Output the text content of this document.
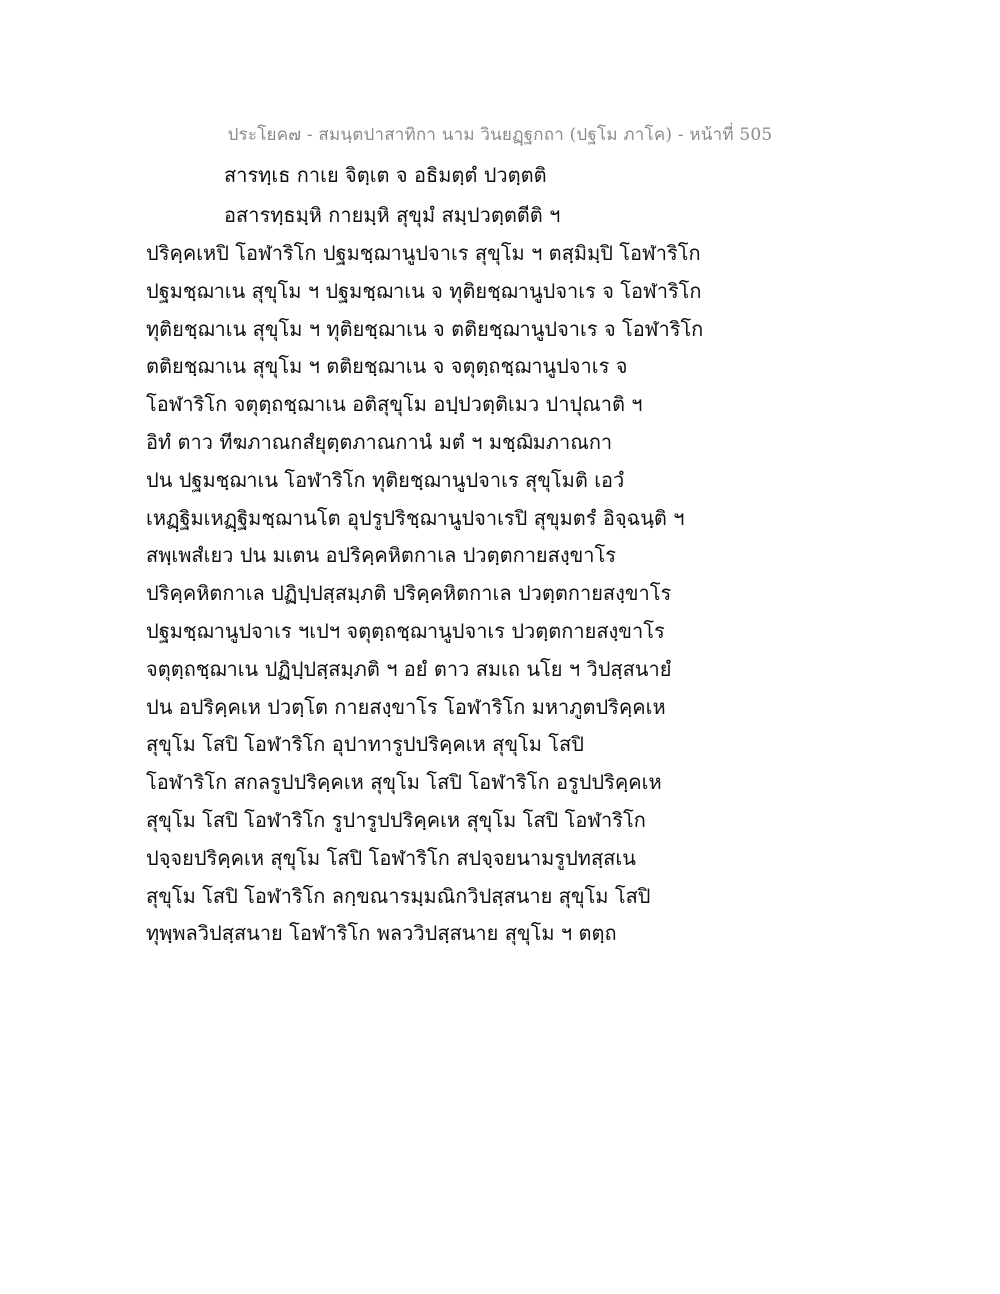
ประโยค๗ - สมนฺตปาสาทิกา นาม วินยฏฺฐกถา (ปฐโม ภาโค) - หน้าที่ 505
สารทฺเธ กาเย จิตฺเต จ อธิมตฺตํ ปวตฺตติ
อสารทฺธมฺหิ กายมฺหิ สุขุมํ สมฺปวตฺตตีติ ฯ
ปริคฺคเหปิ โอฬาริโก ปฐมชฺฌานูปจาเร สุขุโม ฯ ตสฺมิมฺปิ โอฬาริโก
ปฐมชฺฌาเน สุขุโม ฯ ปฐมชฺฌาเน จ ทุติยชฺฌานูปจาเร จ โอฬาริโก
ทุติยชฺฌาเน สุขุโม ฯ ทุติยชฺฌาเน จ ตติยชฺฌานูปจาเร จ โอฬาริโก
ตติยชฺฌาเน สุขุโม ฯ ตติยชฺฌาเน จ จตุตฺถชฺฌานูปจาเร จ
โอฬาริโก จตุตฺถชฺฌาเน อติสุขุโม อปฺปวตฺติเมว ปาปุณาติ ฯ
อิทํ ตาว ทีฆภาณกสํยุตฺตภาณกานํ มตํ ฯ มชฺฌิมภาณกา
ปน ปฐมชฺฌาเน โอฬาริโก ทุติยชฺฌานูปจาเร สุขุโมติ เอวํ
เหฏฺฐิมเหฏฺฐิมชฺฌานโต อุปรูปริชฺฌานูปจาเรปิ สุขุมตรํ อิจฺฉนฺติ ฯ
สพฺเพสํเยว ปน มเตน อปริคฺคหิตกาเล ปวตฺตกายสงฺขาโร
ปริคฺคหิตกาเล ปฏิปฺปสฺสมฺภติ ปริคฺคหิตกาเล ปวตฺตกายสงฺขาโร
ปฐมชฺฌานูปจาเร ฯเปฯ จตุตฺถชฺฌานูปจาเร ปวตฺตกายสงฺขาโร
จตุตฺถชฺฌาเน ปฏิปฺปสฺสมฺภติ ฯ อยํ ตาว สมเถ นโย ฯ วิปสฺสนายํ
ปน อปริคฺคเห ปวตฺโต กายสงฺขาโร โอฬาริโก มหาภูตปริคฺคเห
สุขุโม โสปิ โอฬาริโก อุปาทารูปปริคฺคเห สุขุโม โสปิ
โอฬาริโก สกลรูปปริคฺคเห สุขุโม โสปิ โอฬาริโก อรูปปริคฺคเห
สุขุโม โสปิ โอฬาริโก รูปารูปปริคฺคเห สุขุโม โสปิ โอฬาริโก
ปจฺจยปริคฺคเห สุขุโม โสปิ โอฬาริโก สปจฺจยนามรูปทสฺสเน
สุขุโม โสปิ โอฬาริโก ลกฺขณารมฺมณิกวิปสฺสนาย สุขุโม โสปิ
ทุพฺพลวิปสฺสนาย โอฬาริโก พลววิปสฺสนาย สุขุโม ฯ ตตฺถ
